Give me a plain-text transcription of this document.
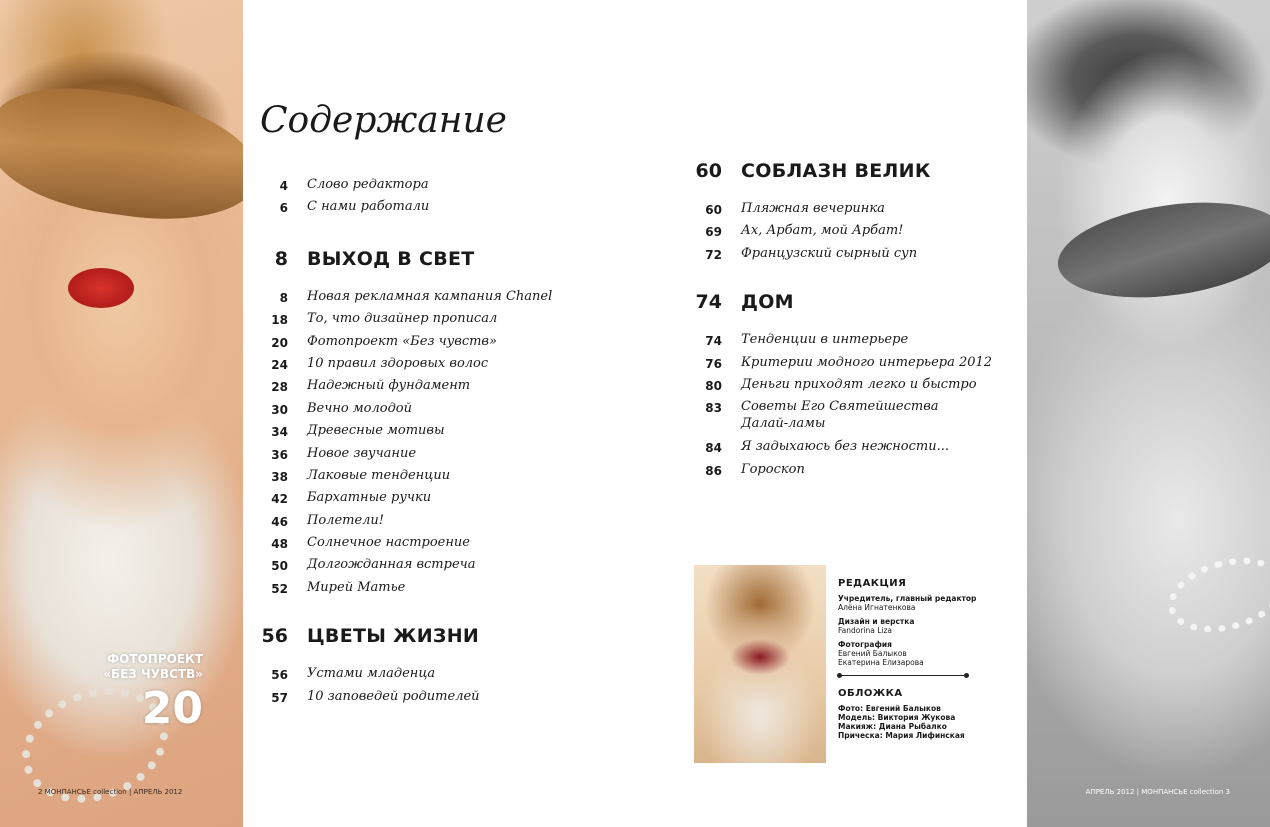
ФОТОПРОЕКТ
«БЕЗ ЧУВСТВ»
20
2 МОНПАНСЬЕ collection | АПРЕЛЬ 2012	АПРЕЛЬ 2012 | МОНПАНСЬЕ collection 3
Содержание
4 Слово редактора
6 С нами работали
8 ВЫХОД В СВЕТ
8 Новая рекламная кампания Chanel
18 То, что дизайнер прописал
20 Фотопроект «Без чувств»
24 10 правил здоровых волос
28 Надежный фундамент
30 Вечно молодой
34 Древесные мотивы
36 Новое звучание
38 Лаковые тенденции
42 Бархатные ручки
46 Полетели!
48 Солнечное настроение
50 Долгожданная встреча
52 Мирей Матье
56 ЦВЕТЫ ЖИЗНИ
56 Устами младенца
57 10 заповедей родителей
60 СОБЛАЗН ВЕЛИК
60 Пляжная вечеринка
69 Ах, Арбат, мой Арбат!
72 Французский сырный суп
74 ДОМ
74 Тенденции в интерьере
76 Критерии модного интерьера 2012
80 Деньги приходят легко и быстро
83 Советы Его Святейшества
Далай-ламы
84 Я задыхаюсь без нежности...
86 Гороскоп
РЕДАКЦИЯ
Учредитель, главный редактор
Алёна Игнатенкова
Дизайн и верстка
Fandorina Liza
Фотография
Евгений Балыков
Екатерина Елизарова
ОБЛОЖКА
Фото: Евгений Балыков
Модель: Виктория Жукова
Макияж: Диана Рыбалко
Прическа: Мария Лифинская
